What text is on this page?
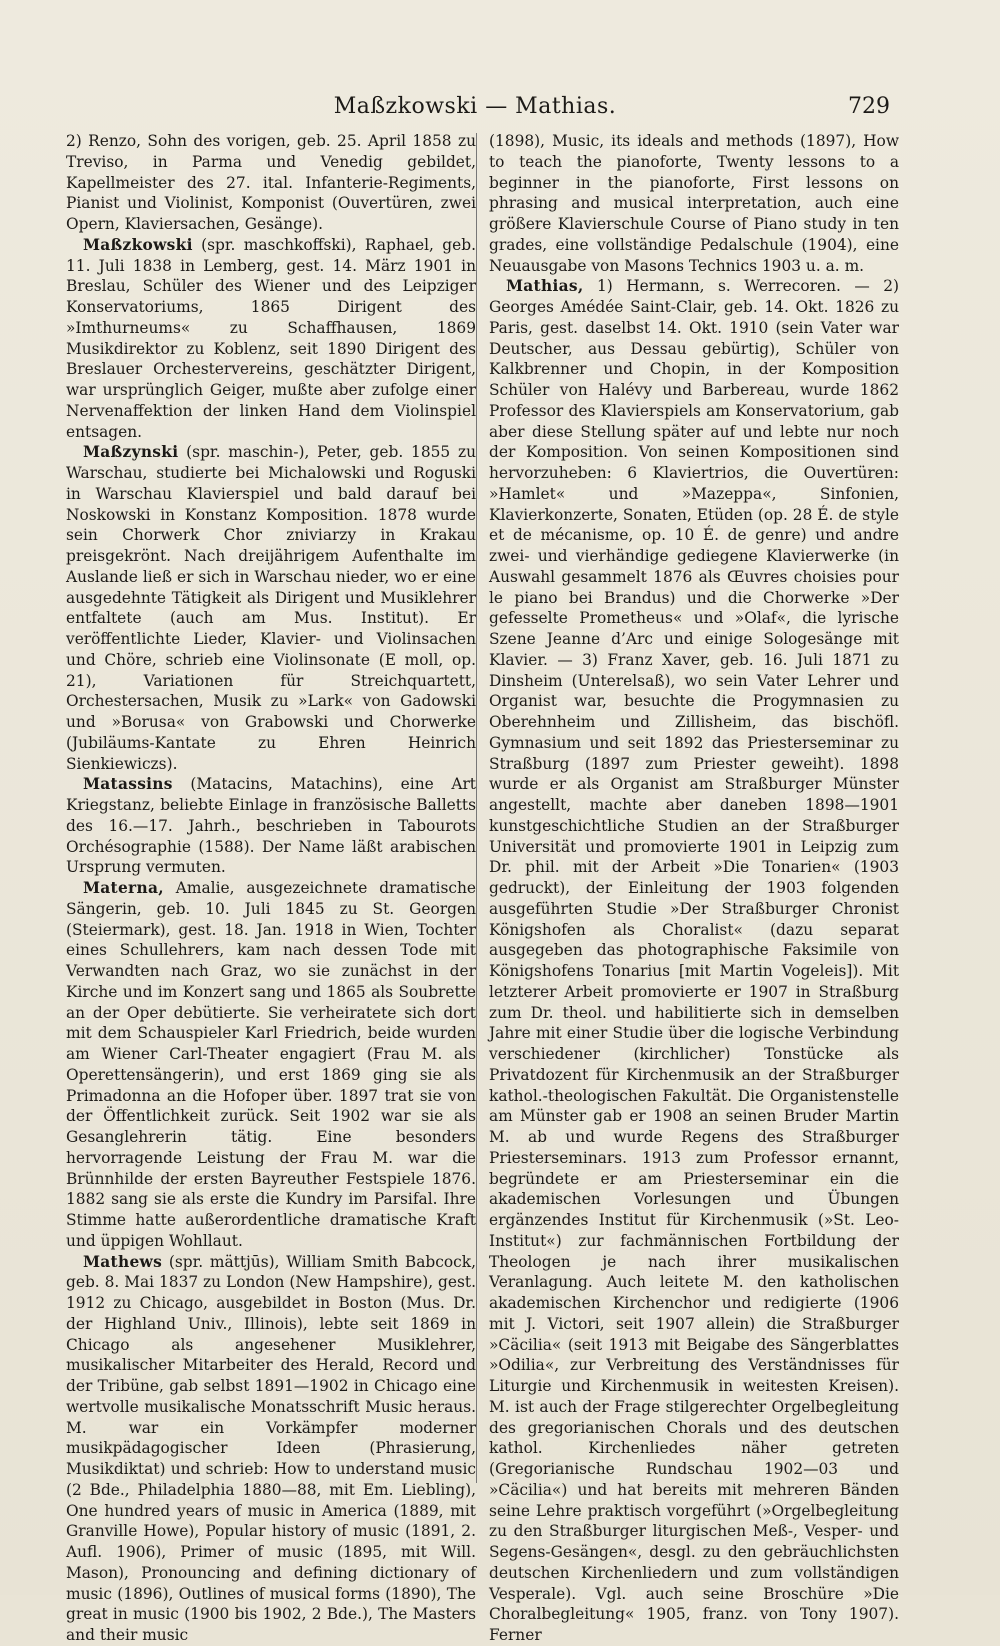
Maßzkowski — Mathias.	729

2) Renzo, Sohn des vorigen, geb. 25. April 1858 zu Treviso, in Parma und Venedig gebildet, Kapellmeister des 27. ital. Infanterie-Regiments, Pianist und Violinist, Komponist (Ouvertüren, zwei Opern, Klaviersachen, Gesänge).

Maßzkowski (spr. maschkoffski), Raphael, geb. 11. Juli 1838 in Lemberg, gest. 14. März 1901 in Breslau, Schüler des Wiener und des Leipziger Konservatoriums, 1865 Dirigent des »Imthurneums« zu Schaffhausen, 1869 Musikdirektor zu Koblenz, seit 1890 Dirigent des Breslauer Orchestervereins, geschätzter Dirigent, war ursprünglich Geiger, mußte aber zufolge einer Nervenaffektion der linken Hand dem Violinspiel entsagen.

Maßzynski (spr. maschin-), Peter, geb. 1855 zu Warschau, studierte bei Michalowski und Roguski in Warschau Klavierspiel und bald darauf bei Noskowski in Konstanz Komposition. 1878 wurde sein Chorwerk Chor zniviarzy in Krakau preisgekrönt. Nach dreijährigem Aufenthalte im Auslande ließ er sich in Warschau nieder, wo er eine ausgedehnte Tätigkeit als Dirigent und Musiklehrer entfaltete (auch am Mus. Institut). Er veröffentlichte Lieder, Klavier- und Violinsachen und Chöre, schrieb eine Violinsonate (E moll, op. 21), Variationen für Streichquartett, Orchestersachen, Musik zu »Lark« von Gadowski und »Borusa« von Grabowski und Chorwerke (Jubiläums-Kantate zu Ehren Heinrich Sienkiewiczs).

Matassins (Matacins, Matachins), eine Art Kriegstanz, beliebte Einlage in französische Balletts des 16.—17. Jahrh., beschrieben in Tabourots Orchésographie (1588). Der Name läßt arabischen Ursprung vermuten.

Materna, Amalie, ausgezeichnete dramatische Sängerin, geb. 10. Juli 1845 zu St. Georgen (Steiermark), gest. 18. Jan. 1918 in Wien, Tochter eines Schullehrers, kam nach dessen Tode mit Verwandten nach Graz, wo sie zunächst in der Kirche und im Konzert sang und 1865 als Soubrette an der Oper debütierte. Sie verheiratete sich dort mit dem Schauspieler Karl Friedrich, beide wurden am Wiener Carl-Theater engagiert (Frau M. als Operettensängerin), und erst 1869 ging sie als Primadonna an die Hofoper über. 1897 trat sie von der Öffentlichkeit zurück. Seit 1902 war sie als Gesanglehrerin tätig. Eine besonders hervorragende Leistung der Frau M. war die Brünnhilde der ersten Bayreuther Festspiele 1876. 1882 sang sie als erste die Kundry im Parsifal. Ihre Stimme hatte außerordentliche dramatische Kraft und üppigen Wohllaut.

Mathews (spr. mättjūs), William Smith Babcock, geb. 8. Mai 1837 zu London (New Hampshire), gest. 1912 zu Chicago, ausgebildet in Boston (Mus. Dr. der Highland Univ., Illinois), lebte seit 1869 in Chicago als angesehener Musiklehrer, musikalischer Mitarbeiter des Herald, Record und der Tribüne, gab selbst 1891—1902 in Chicago eine wertvolle musikalische Monatsschrift Music heraus. M. war ein Vorkämpfer moderner musikpädagogischer Ideen (Phrasierung, Musikdiktat) und schrieb: How to understand music (2 Bde., Philadelphia 1880—88, mit Em. Liebling), One hundred years of music in America (1889, mit Granville Howe), Popular history of music (1891, 2. Aufl. 1906), Primer of music (1895, mit Will. Mason), Pronouncing and defining dictionary of music (1896), Outlines of musical forms (1890), The great in music (1900 bis 1902, 2 Bde.), The Masters and their music

(1898), Music, its ideals and methods (1897), How to teach the pianoforte, Twenty lessons to a beginner in the pianoforte, First lessons on phrasing and musical interpretation, auch eine größere Klavierschule Course of Piano study in ten grades, eine vollständige Pedalschule (1904), eine Neuausgabe von Masons Technics 1903 u. a. m.

Mathias, 1) Hermann, s. Werrecoren. — 2) Georges Amédée Saint-Clair, geb. 14. Okt. 1826 zu Paris, gest. daselbst 14. Okt. 1910 (sein Vater war Deutscher, aus Dessau gebürtig), Schüler von Kalkbrenner und Chopin, in der Komposition Schüler von Halévy und Barbereau, wurde 1862 Professor des Klavierspiels am Konservatorium, gab aber diese Stellung später auf und lebte nur noch der Komposition. Von seinen Kompositionen sind hervorzuheben: 6 Klaviertrios, die Ouvertüren: »Hamlet« und »Mazeppa«, Sinfonien, Klavierkonzerte, Sonaten, Etüden (op. 28 É. de style et de mécanisme, op. 10 É. de genre) und andre zwei- und vierhändige gediegene Klavierwerke (in Auswahl gesammelt 1876 als Œuvres choisies pour le piano bei Brandus) und die Chorwerke »Der gefesselte Prometheus« und »Olaf«, die lyrische Szene Jeanne d’Arc und einige Sologesänge mit Klavier. — 3) Franz Xaver, geb. 16. Juli 1871 zu Dinsheim (Unterelsaß), wo sein Vater Lehrer und Organist war, besuchte die Progymnasien zu Oberehnheim und Zillisheim, das bischöfl. Gymnasium und seit 1892 das Priesterseminar zu Straßburg (1897 zum Priester geweiht). 1898 wurde er als Organist am Straßburger Münster angestellt, machte aber daneben 1898—1901 kunstgeschichtliche Studien an der Straßburger Universität und promovierte 1901 in Leipzig zum Dr. phil. mit der Arbeit »Die Tonarien« (1903 gedruckt), der Einleitung der 1903 folgenden ausgeführten Studie »Der Straßburger Chronist Königshofen als Choralist« (dazu separat ausgegeben das photographische Faksimile von Königshofens Tonarius [mit Martin Vogeleis]). Mit letzterer Arbeit promovierte er 1907 in Straßburg zum Dr. theol. und habilitierte sich in demselben Jahre mit einer Studie über die logische Verbindung verschiedener (kirchlicher) Tonstücke als Privatdozent für Kirchenmusik an der Straßburger kathol.-theologischen Fakultät. Die Organistenstelle am Münster gab er 1908 an seinen Bruder Martin M. ab und wurde Regens des Straßburger Priesterseminars. 1913 zum Professor ernannt, begründete er am Priesterseminar ein die akademischen Vorlesungen und Übungen ergänzendes Institut für Kirchenmusik (»St. Leo-Institut«) zur fachmännischen Fortbildung der Theologen je nach ihrer musikalischen Veranlagung. Auch leitete M. den katholischen akademischen Kirchenchor und redigierte (1906 mit J. Victori, seit 1907 allein) die Straßburger »Cäcilia« (seit 1913 mit Beigabe des Sängerblattes »Odilia«, zur Verbreitung des Verständnisses für Liturgie und Kirchenmusik in weitesten Kreisen). M. ist auch der Frage stilgerechter Orgelbegleitung des gregorianischen Chorals und des deutschen kathol. Kirchenliedes näher getreten (Gregorianische Rundschau 1902—03 und »Cäcilia«) und hat bereits mit mehreren Bänden seine Lehre praktisch vorgeführt (»Orgelbegleitung zu den Straßburger liturgischen Meß-, Vesper- und Segens-Gesängen«, desgl. zu den gebräuchlichsten deutschen Kirchenliedern und zum vollständigen Vesperale). Vgl. auch seine Broschüre »Die Choralbegleitung« 1905, franz. von Tony 1907). Ferner
